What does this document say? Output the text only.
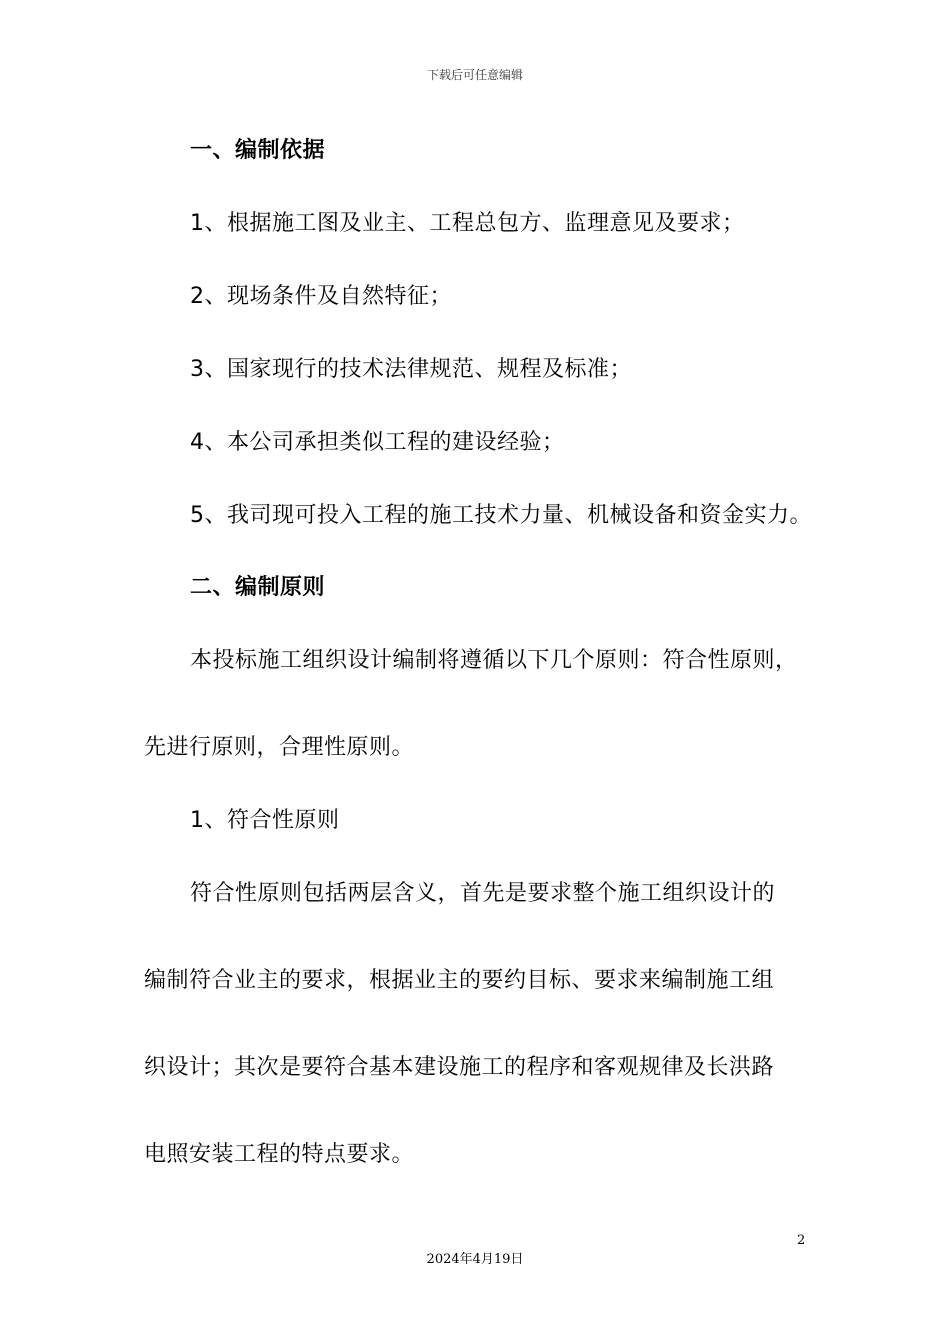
下载后可任意编辑
一、编制依据
1、根据施工图及业主、工程总包方、监理意见及要求；
2、现场条件及自然特征；
3、国家现行的技术法律规范、规程及标准；
4、本公司承担类似工程的建设经验；
5、我司现可投入工程的施工技术力量、机械设备和资金实力。
二、编制原则
本投标施工组织设计编制将遵循以下几个原则：符合性原则，
先进行原则，合理性原则。
1、符合性原则
符合性原则包括两层含义，首先是要求整个施工组织设计的
编制符合业主的要求，根据业主的要约目标、要求来编制施工组
织设计；其次是要符合基本建设施工的程序和客观规律及长洪路
电照安装工程的特点要求。
2
2024年4月19日
